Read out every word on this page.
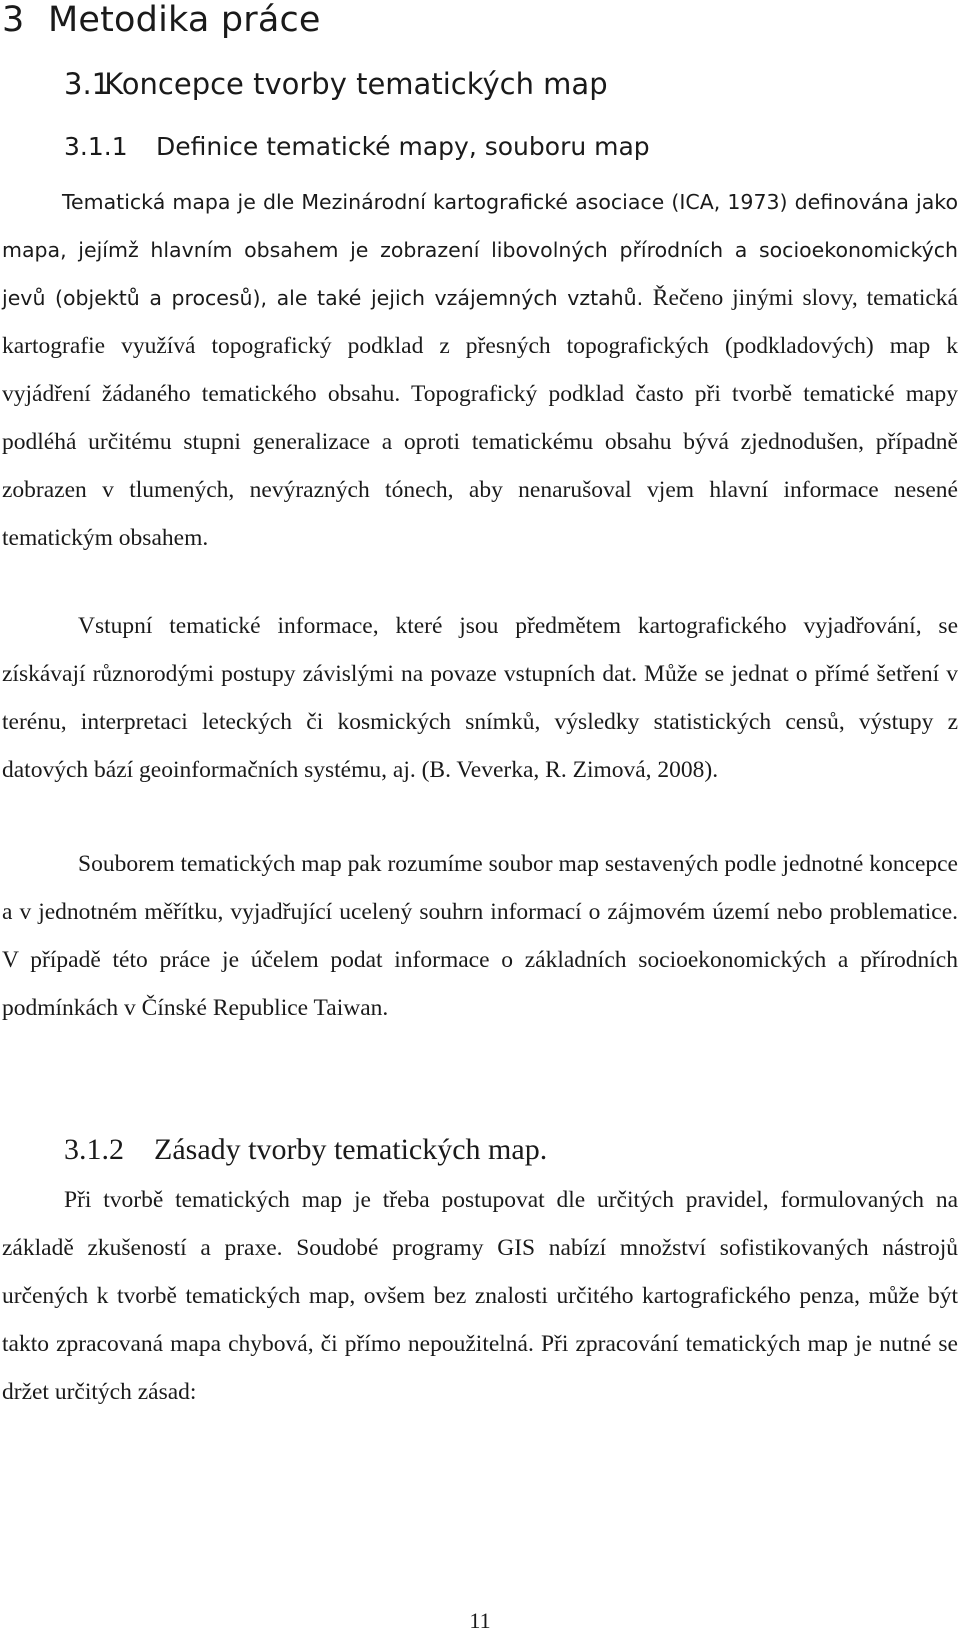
3 Metodika práce
3.1 Koncepce tvorby tematických map
3.1.1 Definice tematické mapy, souboru map
Tematická mapa je dle Mezinárodní kartografické asociace (ICA, 1973) definována jako mapa, jejímž hlavním obsahem je zobrazení libovolných přírodních a socioekonomických jevů (objektů a procesů), ale také jejich vzájemných vztahů. Řečeno jinými slovy, tematická kartografie využívá topografický podklad z přesných topografických (podkladových) map k vyjádření žádaného tematického obsahu. Topografický podklad často při tvorbě tematické mapy podléhá určitému stupni generalizace a oproti tematickému obsahu bývá zjednodušen, případně zobrazen v tlumených, nevýrazných tónech, aby nenarušoval vjem hlavní informace nesené tematickým obsahem.

Vstupní tematické informace, které jsou předmětem kartografického vyjadřování, se získávají různorodými postupy závislými na povaze vstupních dat. Může se jednat o přímé šetření v terénu, interpretaci leteckých či kosmických snímků, výsledky statistických censů, výstupy z datových bází geoinformačních systému, aj. (B. Veverka, R. Zimová, 2008).

Souborem tematických map pak rozumíme soubor map sestavených podle jednotné koncepce a v jednotném měřítku, vyjadřující ucelený souhrn informací o zájmovém území nebo problematice. V případě této práce je účelem podat informace o základních socioekonomických a přírodních podmínkách v Čínské Republice Taiwan.

3.1.2 Zásady tvorby tematických map.

Při tvorbě tematických map je třeba postupovat dle určitých pravidel, formulovaných na základě zkušeností a praxe. Soudobé programy GIS nabízí množství sofistikovaných nástrojů určených k tvorbě tematických map, ovšem bez znalosti určitého kartografického penza, může být takto zpracovaná mapa chybová, či přímo nepoužitelná. Při zpracování tematických map je nutné se držet určitých zásad:

11
